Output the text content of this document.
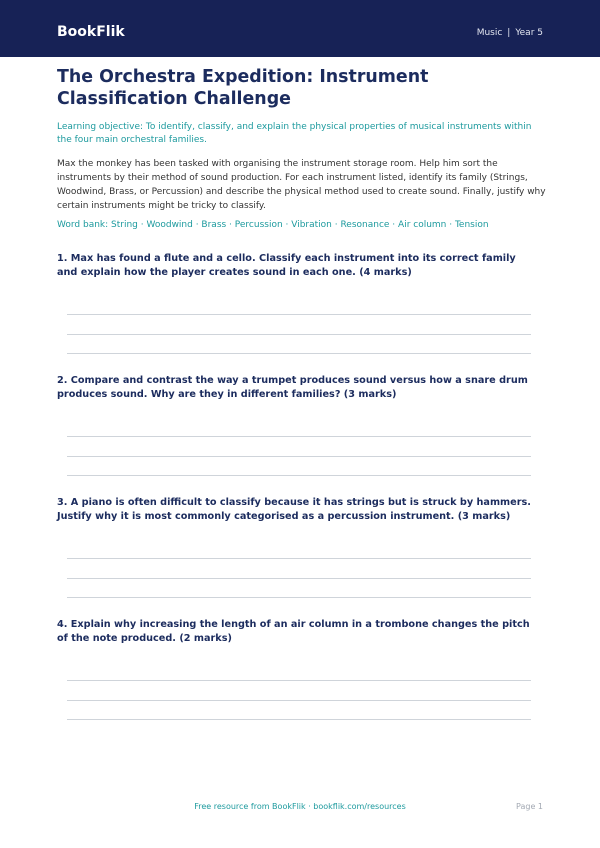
BookFlik	Music | Year 5
The Orchestra Expedition: Instrument Classification Challenge
Learning objective: To identify, classify, and explain the physical properties of musical instruments within the four main orchestral families.
Max the monkey has been tasked with organising the instrument storage room. Help him sort the instruments by their method of sound production. For each instrument listed, identify its family (Strings, Woodwind, Brass, or Percussion) and describe the physical method used to create sound. Finally, justify why certain instruments might be tricky to classify.
Word bank: String · Woodwind · Brass · Percussion · Vibration · Resonance · Air column · Tension
1. Max has found a flute and a cello. Classify each instrument into its correct family and explain how the player creates sound in each one. (4 marks)
2. Compare and contrast the way a trumpet produces sound versus how a snare drum produces sound. Why are they in different families? (3 marks)
3. A piano is often difficult to classify because it has strings but is struck by hammers. Justify why it is most commonly categorised as a percussion instrument. (3 marks)
4. Explain why increasing the length of an air column in a trombone changes the pitch of the note produced. (2 marks)
Free resource from BookFlik · bookflik.com/resources	Page 1
